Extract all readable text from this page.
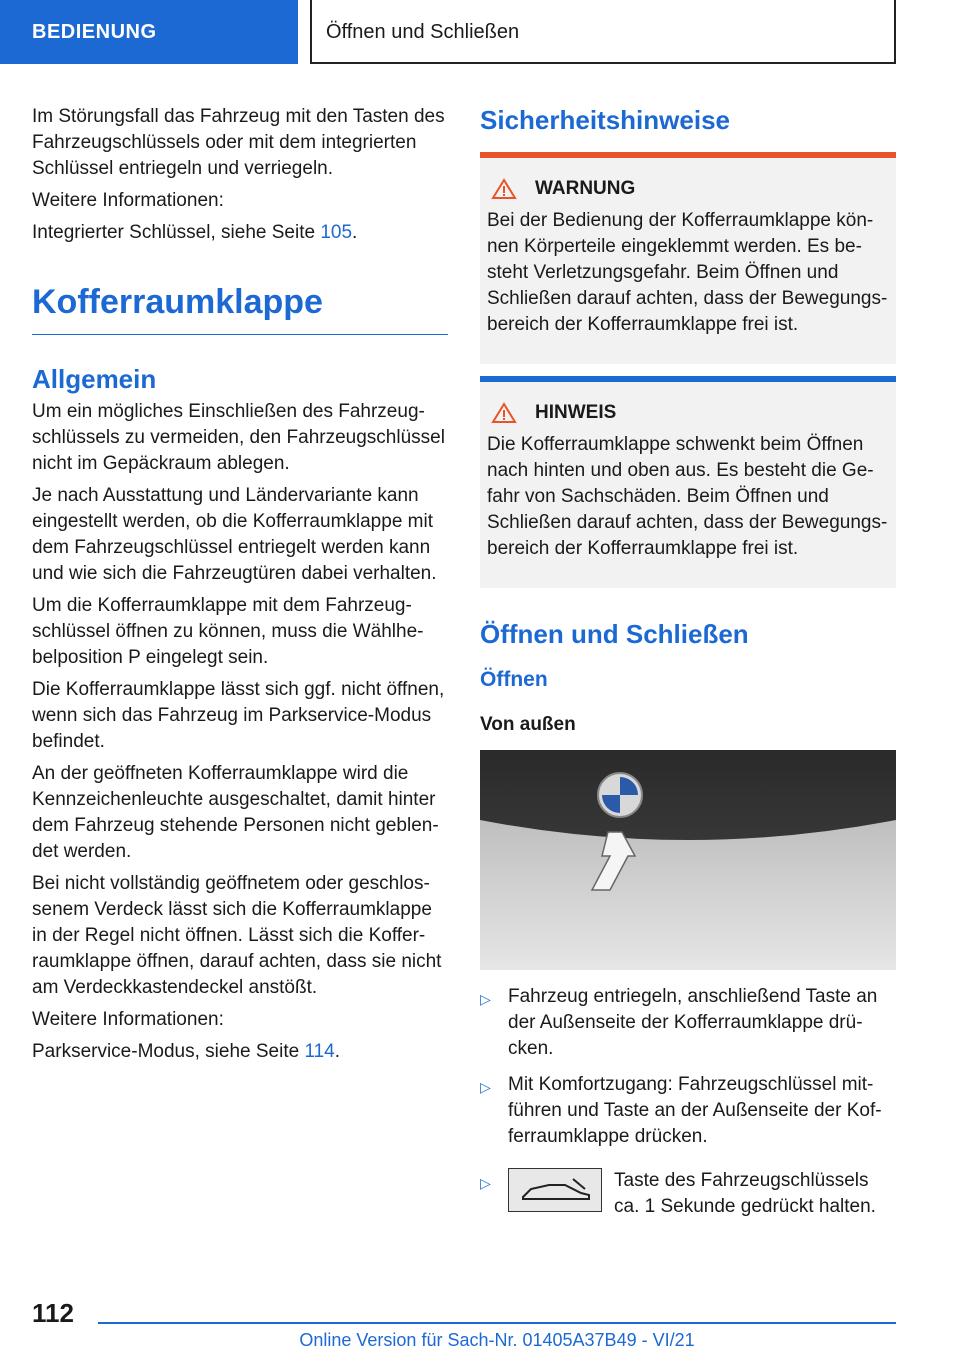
BEDIENUNG	Öffnen und Schließen

Im Störungsfall das Fahrzeug mit den Tasten des Fahrzeugschlüssels oder mit dem integrierten Schlüssel entriegeln und verriegeln.

Weitere Informationen:

Integrierter Schlüssel, siehe Seite 105.

Kofferraumklappe
Allgemein

Um ein mögliches Einschließen des Fahrzeugschlüssels zu vermeiden, den Fahrzeugschlüssel nicht im Gepäckraum ablegen.

Je nach Ausstattung und Ländervariante kann eingestellt werden, ob die Kofferraumklappe mit dem Fahrzeugschlüssel entriegelt werden kann und wie sich die Fahrzeugtüren dabei verhalten.

Um die Kofferraumklappe mit dem Fahrzeugschlüssel öffnen zu können, muss die Wählhebelposition P eingelegt sein.

Die Kofferraumklappe lässt sich ggf. nicht öffnen, wenn sich das Fahrzeug im Parkservice-Modus befindet.

An der geöffneten Kofferraumklappe wird die Kennzeichenleuchte ausgeschaltet, damit hinter dem Fahrzeug stehende Personen nicht geblendet werden.

Bei nicht vollständig geöffnetem oder geschlossenem Verdeck lässt sich die Kofferraumklappe in der Regel nicht öffnen. Lässt sich die Kofferraumklappe öffnen, darauf achten, dass sie nicht am Verdeckkastendeckel anstößt.

Weitere Informationen:

Parkservice-Modus, siehe Seite 114.

Sicherheitshinweise
WARNUNG

Bei der Bedienung der Kofferraumklappe können Körperteile eingeklemmt werden. Es besteht Verletzungsgefahr. Beim Öffnen und Schließen darauf achten, dass der Bewegungsbereich der Kofferraumklappe frei ist.

HINWEIS

Die Kofferraumklappe schwenkt beim Öffnen nach hinten und oben aus. Es besteht die Gefahr von Sachschäden. Beim Öffnen und Schließen darauf achten, dass der Bewegungsbereich der Kofferraumklappe frei ist.

Öffnen und Schließen
Öffnen
Von außen
▷ Fahrzeug entriegeln, anschließend Taste an der Außenseite der Kofferraumklappe drücken.
▷ Mit Komfortzugang: Fahrzeugschlüssel mitführen und Taste an der Außenseite der Kofferraumklappe drücken.
▷	Taste des Fahrzeugschlüssels ca. 1 Sekunde gedrückt halten.
112
Online Version für Sach-Nr. 01405A37B49 - VI/21
